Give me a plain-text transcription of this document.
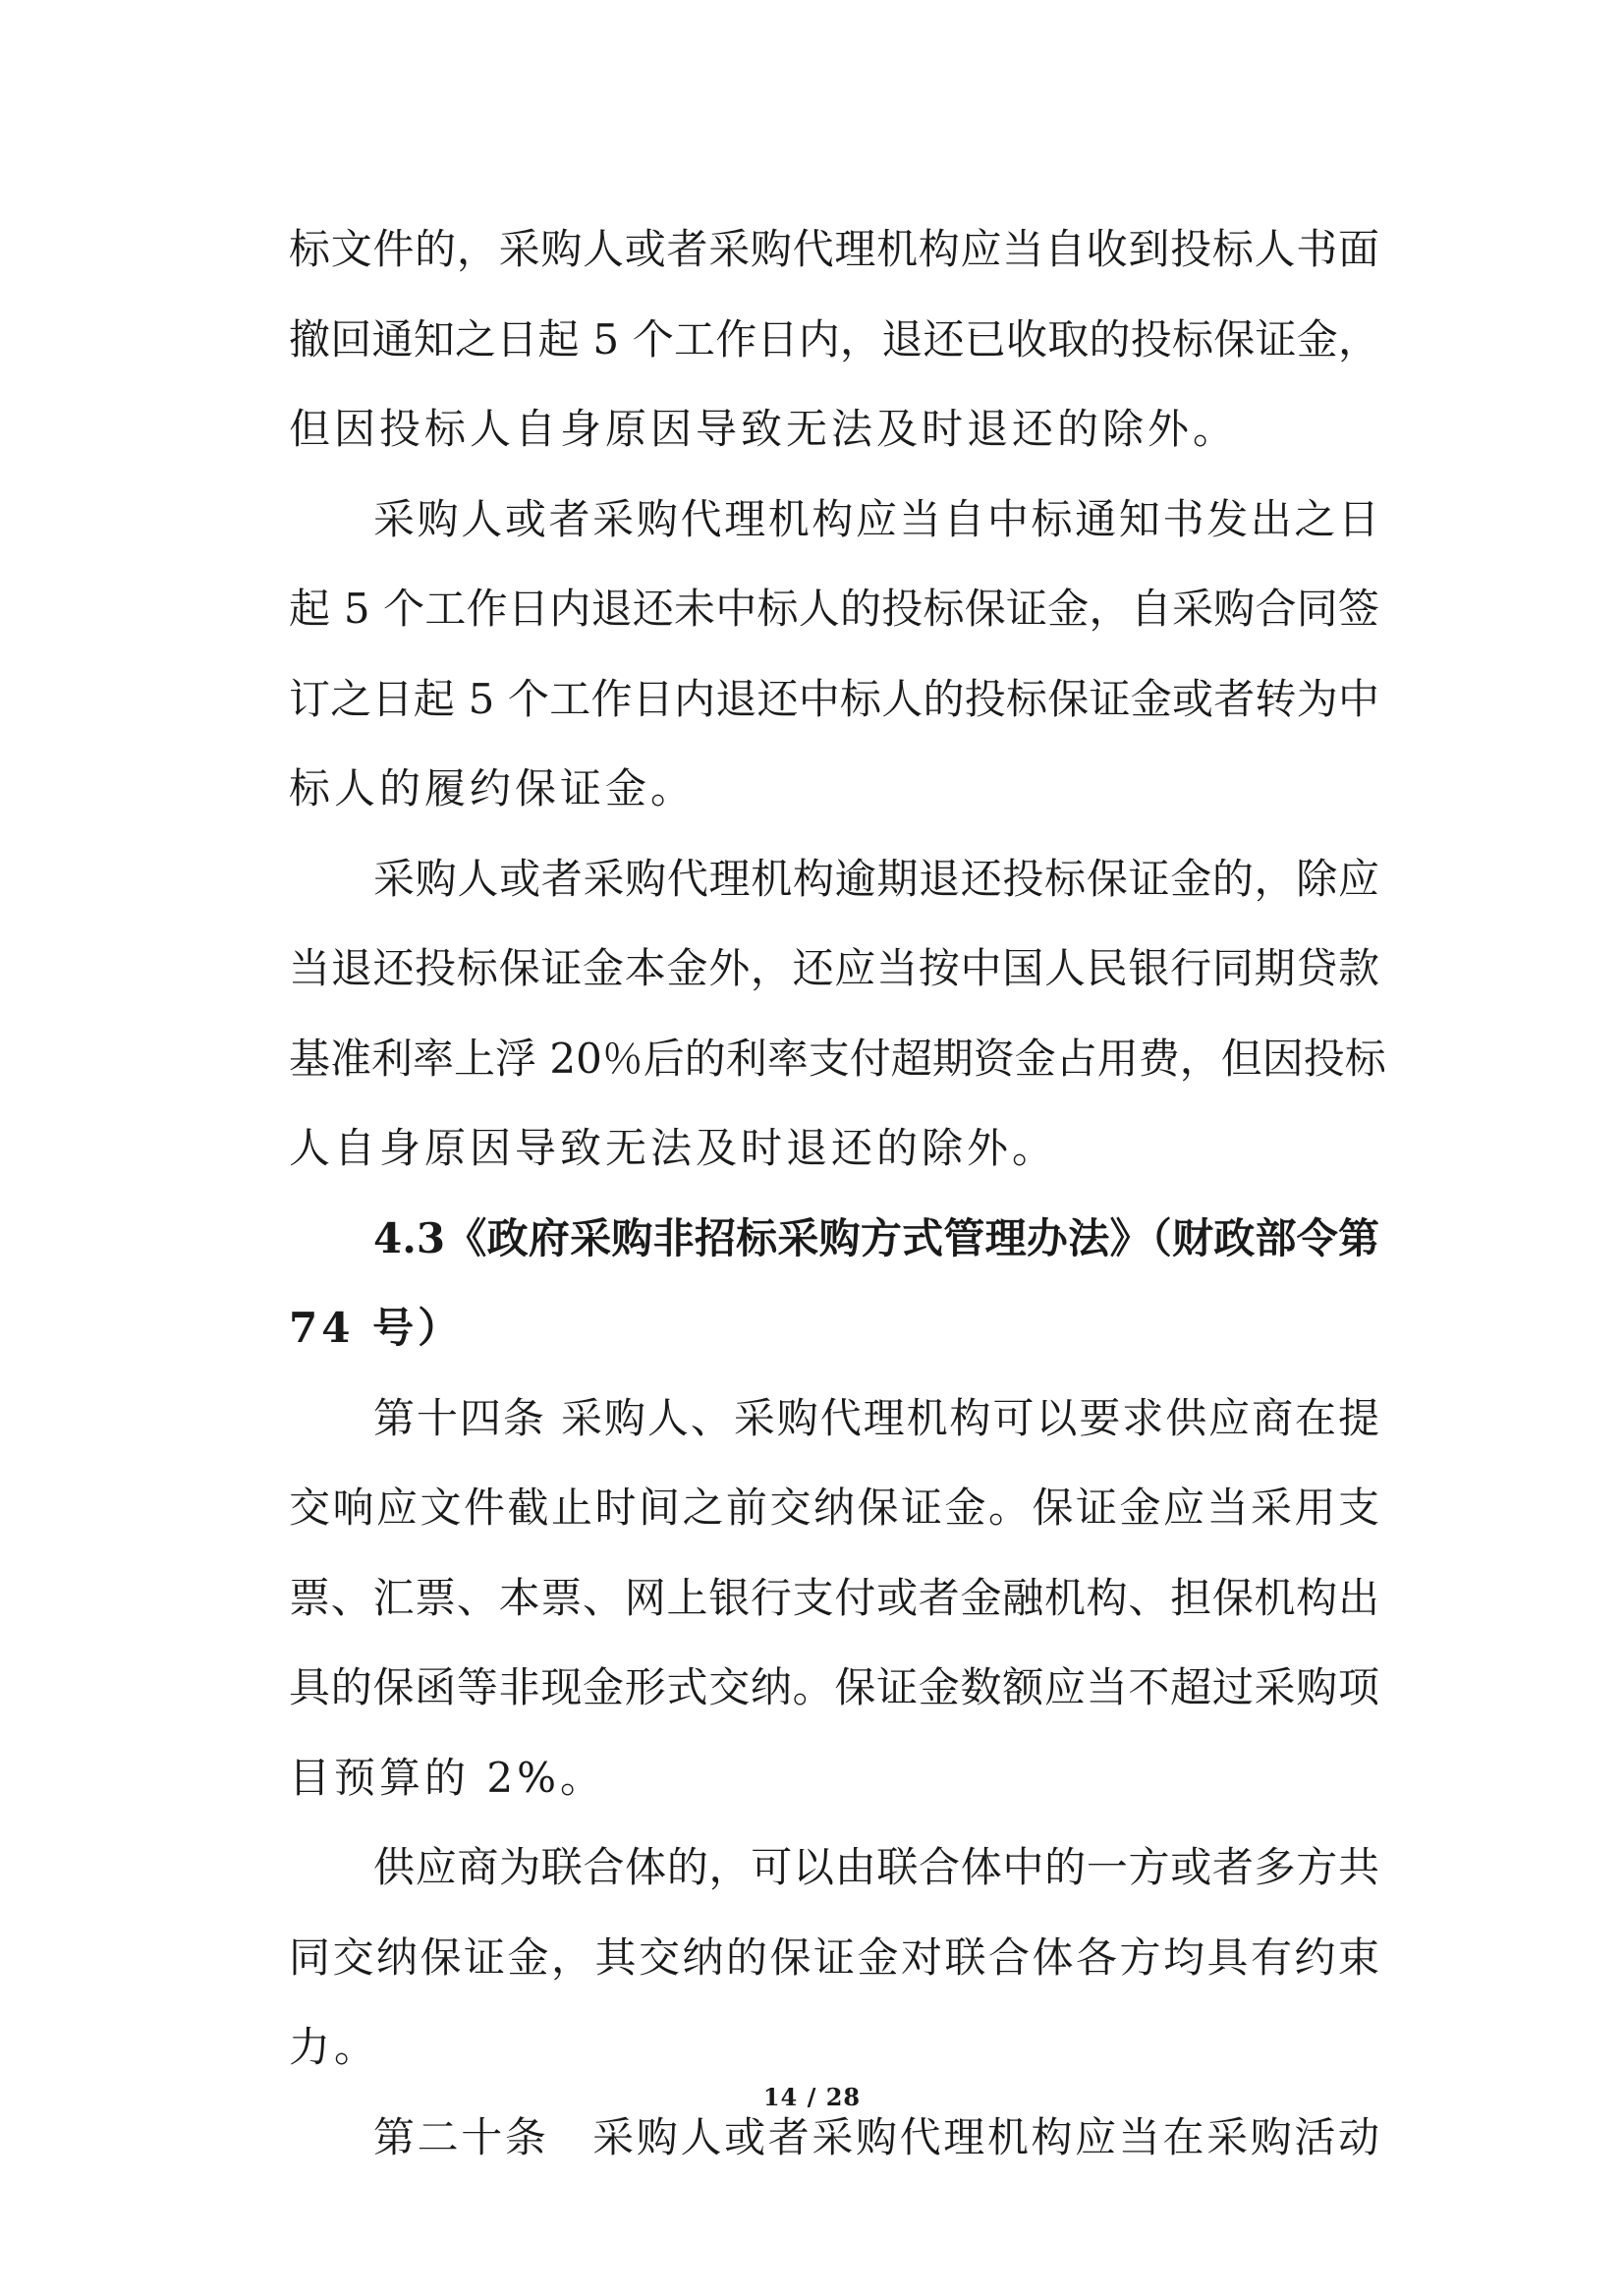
标文件的，采购人或者采购代理机构应当自收到投标人书面
撤回通知之日起 5 个工作日内，退还已收取的投标保证金，
但因投标人自身原因导致无法及时退还的除外。
采购人或者采购代理机构应当自中标通知书发出之日
起 5 个工作日内退还未中标人的投标保证金，自采购合同签
订之日起 5 个工作日内退还中标人的投标保证金或者转为中
标人的履约保证金。
采购人或者采购代理机构逾期退还投标保证金的，除应
当退还投标保证金本金外，还应当按中国人民银行同期贷款
基准利率上浮 20％后的利率支付超期资金占用费，但因投标
人自身原因导致无法及时退还的除外。
4.3《政府采购非招标采购方式管理办法》（财政部令第
74 号）
第十四条 采购人、采购代理机构可以要求供应商在提
交响应文件截止时间之前交纳保证金。保证金应当采用支
票、汇票、本票、网上银行支付或者金融机构、担保机构出
具的保函等非现金形式交纳。保证金数额应当不超过采购项
目预算的 2%。
供应商为联合体的，可以由联合体中的一方或者多方共
同交纳保证金，其交纳的保证金对联合体各方均具有约束
力。
第二十条　采购人或者采购代理机构应当在采购活动
14 / 28
